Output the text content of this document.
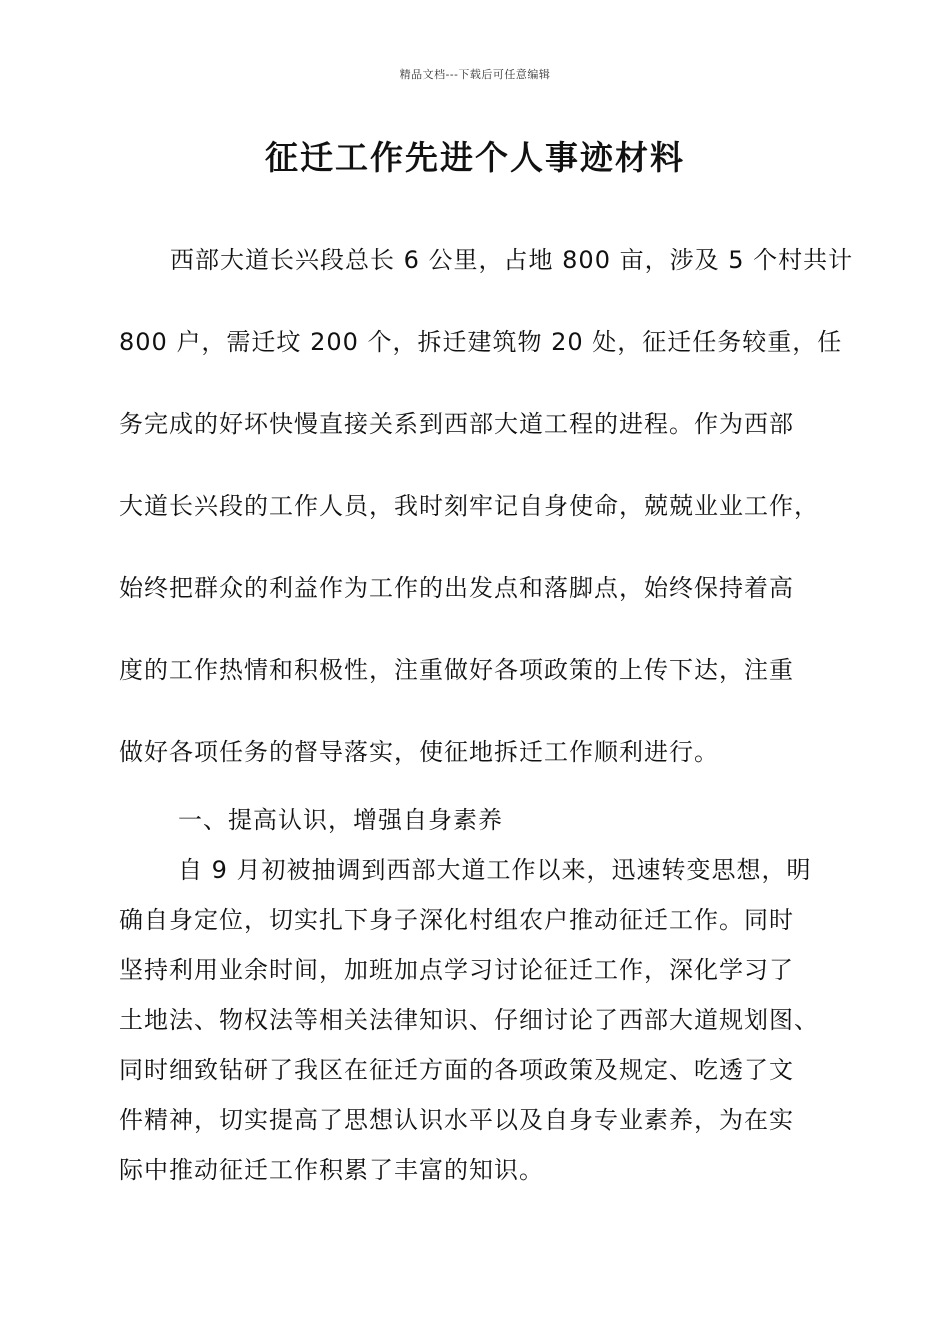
精品文档---下载后可任意编辑
征迁工作先进个人事迹材料
西部大道长兴段总长 6 公里，占地 800 亩，涉及 5 个村共计
800 户，需迁坟 200 个，拆迁建筑物 20 处，征迁任务较重，任
务完成的好坏快慢直接关系到西部大道工程的进程。作为西部
大道长兴段的工作人员，我时刻牢记自身使命，兢兢业业工作，
始终把群众的利益作为工作的出发点和落脚点，始终保持着高
度的工作热情和积极性，注重做好各项政策的上传下达，注重
做好各项任务的督导落实，使征地拆迁工作顺利进行。
一、提高认识，增强自身素养
自 9 月初被抽调到西部大道工作以来，迅速转变思想，明
确自身定位，切实扎下身子深化村组农户推动征迁工作。同时
坚持利用业余时间，加班加点学习讨论征迁工作，深化学习了
土地法、物权法等相关法律知识、仔细讨论了西部大道规划图、
同时细致钻研了我区在征迁方面的各项政策及规定、吃透了文
件精神，切实提高了思想认识水平以及自身专业素养，为在实
际中推动征迁工作积累了丰富的知识。
